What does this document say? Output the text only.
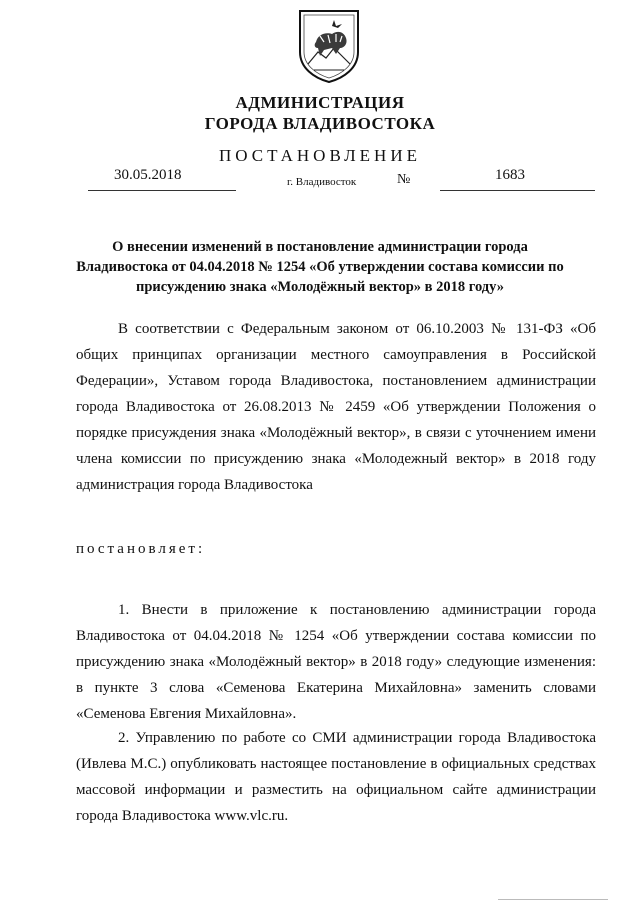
АДМИНИСТРАЦИЯ
ГОРОДА ВЛАДИВОСТОКА
ПОСТАНОВЛЕНИЕ
30.05.2018	г. Владивосток	№	1683
О внесении изменений в постановление администрации города Владивостока от 04.04.2018 № 1254 «Об утверждении состава комиссии по присуждению знака «Молодёжный вектор» в 2018 году»
В соответствии с Федеральным законом от 06.10.2003 № 131-ФЗ «Об общих принципах организации местного самоуправления в Российской Федерации», Уставом города Владивостока, постановлением администрации города Владивостока от 26.08.2013 № 2459 «Об утверждении Положения о порядке присуждения знака «Молодёжный вектор», в связи с уточнением имени члена комиссии по присуждению знака «Молодежный вектор» в 2018 году администрация города Владивостока
постановляет:
1. Внести в приложение к постановлению администрации города Владивостока от 04.04.2018 № 1254 «Об утверждении состава комиссии по присуждению знака «Молодёжный вектор» в 2018 году» следующие изменения: в пункте 3 слова «Семенова Екатерина Михайловна» заменить словами «Семенова Евгения Михайловна».
2. Управлению по работе со СМИ администрации города Владивостока (Ивлева М.С.) опубликовать настоящее постановление в официальных средствах массовой информации и разместить на официальном сайте администрации города Владивостока www.vlc.ru.
